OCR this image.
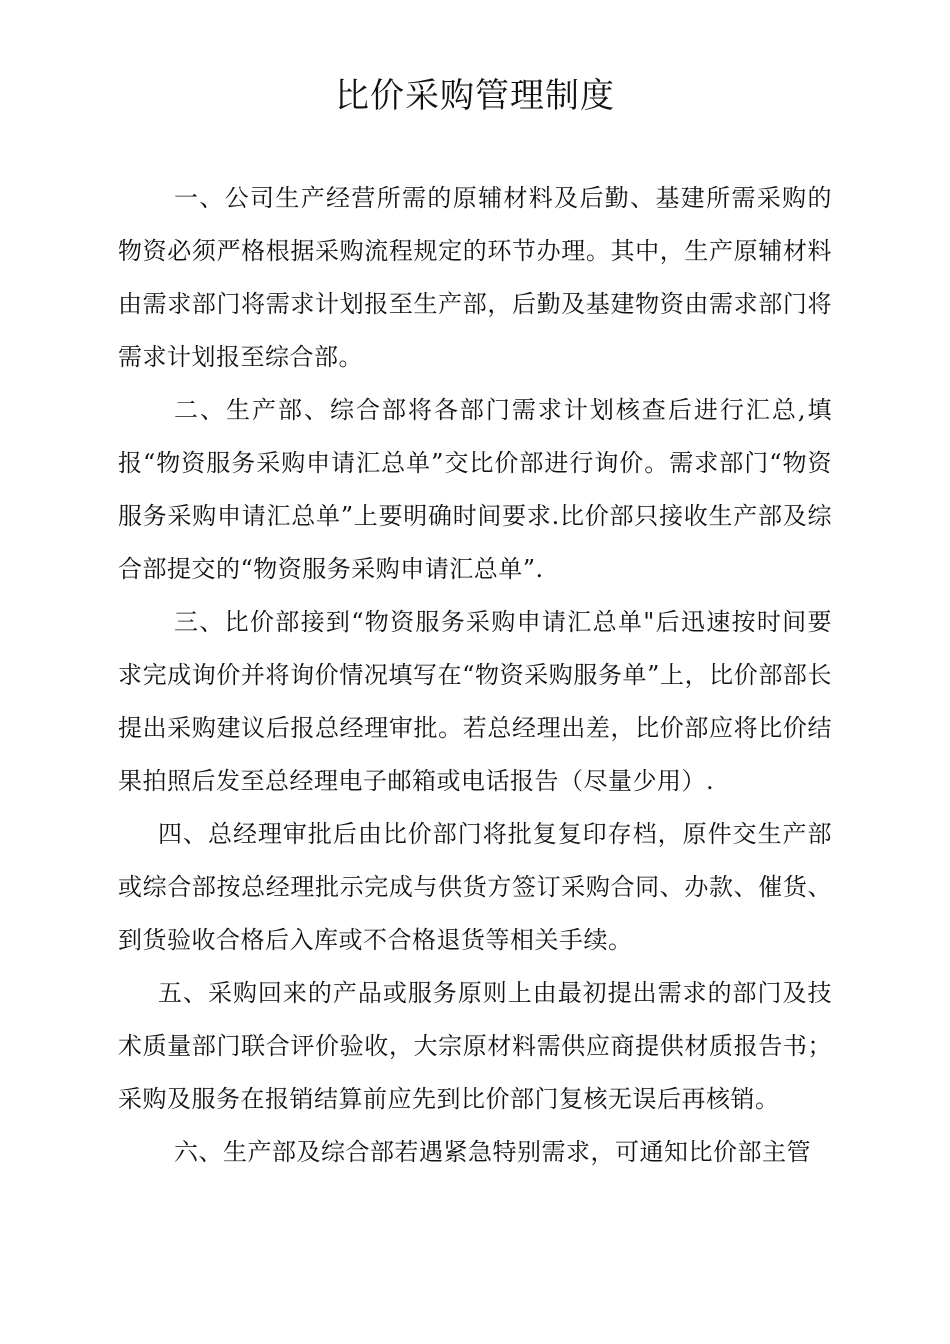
比价采购管理制度

一、公司生产经营所需的原辅材料及后勤、基建所需采购的物资必须严格根据采购流程规定的环节办理。其中，生产原辅材料由需求部门将需求计划报至生产部，后勤及基建物资由需求部门将需求计划报至综合部。

二、生产部、综合部将各部门需求计划核查后进行汇总,填报“物资服务采购申请汇总单”交比价部进行询价。需求部门“物资服务采购申请汇总单”上要明确时间要求.比价部只接收生产部及综合部提交的“物资服务采购申请汇总单”.

三、比价部接到“物资服务采购申请汇总单"后迅速按时间要求完成询价并将询价情况填写在“物资采购服务单”上，比价部部长提出采购建议后报总经理审批。若总经理出差，比价部应将比价结果拍照后发至总经理电子邮箱或电话报告（尽量少用）.

四、总经理审批后由比价部门将批复复印存档，原件交生产部或综合部按总经理批示完成与供货方签订采购合同、办款、催货、到货验收合格后入库或不合格退货等相关手续。

五、采购回来的产品或服务原则上由最初提出需求的部门及技术质量部门联合评价验收，大宗原材料需供应商提供材质报告书；采购及服务在报销结算前应先到比价部门复核无误后再核销。

六、生产部及综合部若遇紧急特别需求，可通知比价部主管
